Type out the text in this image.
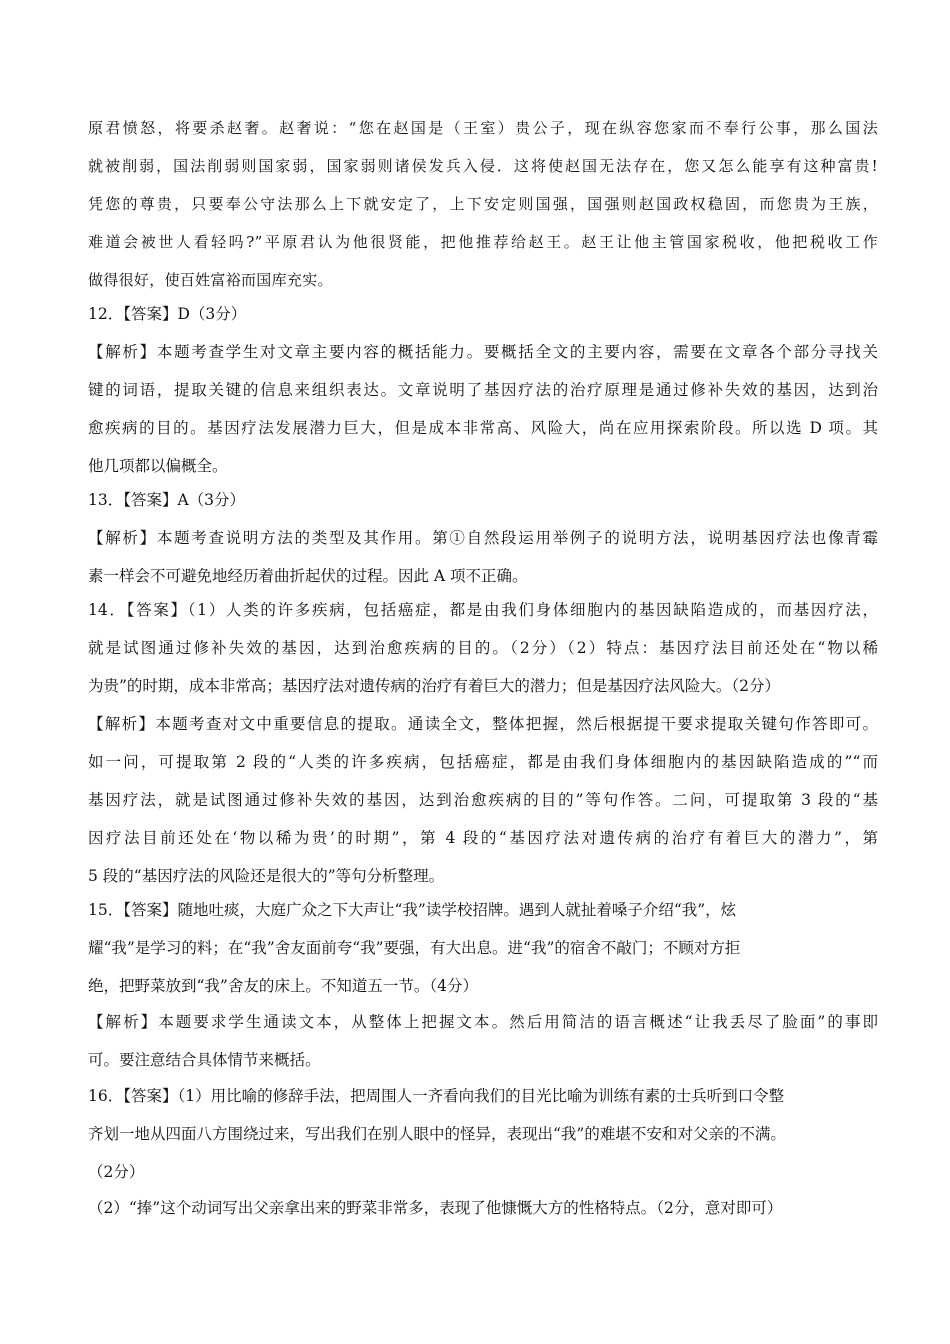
原君愤怒，将要杀赵奢。赵奢说：“您在赵国是（王室）贵公子，现在纵容您家而不奉行公事，那么国法
就被削弱，国法削弱则国家弱，国家弱则诸侯发兵入侵．这将使赵国无法存在，您又怎么能享有这种富贵!
凭您的尊贵，只要奉公守法那么上下就安定了，上下安定则国强，国强则赵国政权稳固，而您贵为王族，
难道会被世人看轻吗?”平原君认为他很贤能，把他推荐给赵王。赵王让他主管国家税收，他把税收工作
做得很好，使百姓富裕而国库充实。
12．【答案】D（3分）
【解析】本题考查学生对文章主要内容的概括能力。要概括全文的主要内容，需要在文章各个部分寻找关
键的词语，提取关键的信息来组织表达。文章说明了基因疗法的治疗原理是通过修补失效的基因，达到治
愈疾病的目的。基因疗法发展潜力巨大，但是成本非常高、风险大，尚在应用探索阶段。所以选 D 项。其
他几项都以偏概全。
13．【答案】A（3分）
【解析】本题考查说明方法的类型及其作用。第①自然段运用举例子的说明方法，说明基因疗法也像青霉
素一样会不可避免地经历着曲折起伏的过程。因此 A 项不正确。
14．【答案】（1）人类的许多疾病，包括癌症，都是由我们身体细胞内的基因缺陷造成的，而基因疗法，
就是试图通过修补失效的基因，达到治愈疾病的目的。（2分）（2）特点：基因疗法目前还处在“物以稀
为贵”的时期，成本非常高；基因疗法对遗传病的治疗有着巨大的潜力；但是基因疗法风险大。（2分）
【解析】本题考查对文中重要信息的提取。通读全文，整体把握，然后根据提干要求提取关键句作答即可。
如一问，可提取第 2 段的“人类的许多疾病，包括癌症，都是由我们身体细胞内的基因缺陷造成的”“而
基因疗法，就是试图通过修补失效的基因，达到治愈疾病的目的”等句作答。二问，可提取第 3 段的“基
因疗法目前还处在‘物以稀为贵’的时期”，第 4 段的“基因疗法对遗传病的治疗有着巨大的潜力”，第
5 段的“基因疗法的风险还是很大的”等句分析整理。
15．【答案】随地吐痰，大庭广众之下大声让“我”读学校招牌。遇到人就扯着嗓子介绍“我”，炫
耀“我”是学习的料；在“我”舍友面前夸“我”要强，有大出息。进“我”的宿舍不敲门；不顾对方拒
绝，把野菜放到“我”舍友的床上。不知道五一节。（4分）
【解析】本题要求学生通读文本，从整体上把握文本。然后用简洁的语言概述“让我丢尽了脸面”的事即
可。要注意结合具体情节来概括。
16．【答案】（1）用比喻的修辞手法，把周围人一齐看向我们的目光比喻为训练有素的士兵听到口令整
齐划一地从四面八方围绕过来，写出我们在别人眼中的怪异，表现出“我”的难堪不安和对父亲的不满。
（2分）
（2）“捧”这个动词写出父亲拿出来的野菜非常多，表现了他慷慨大方的性格特点。（2分，意对即可）
